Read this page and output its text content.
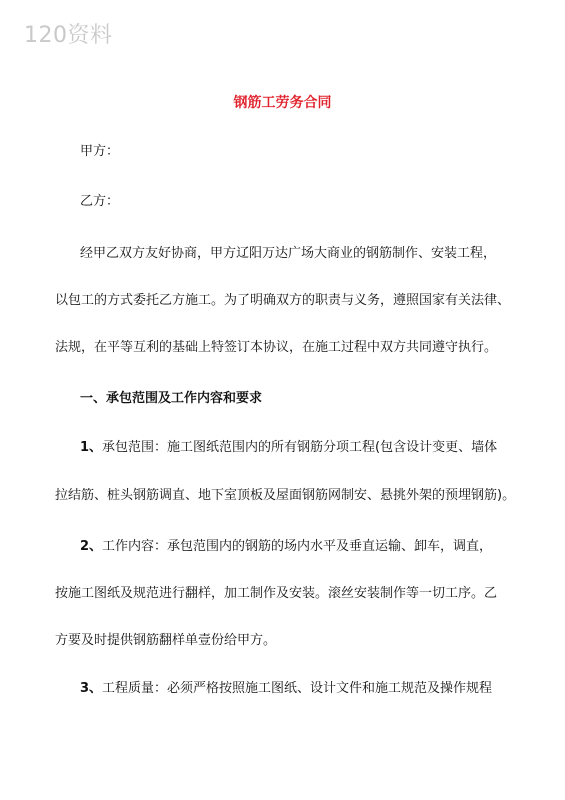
120资料
钢筋工劳务合同
甲方：
乙方：
经甲乙双方友好协商，甲方辽阳万达广场大商业的钢筋制作、安装工程，
以包工的方式委托乙方施工。为了明确双方的职责与义务，遵照国家有关法律、
法规，在平等互利的基础上特签订本协议，在施工过程中双方共同遵守执行。
一、承包范围及工作内容和要求
1、承包范围：施工图纸范围内的所有钢筋分项工程(包含设计变更、墙体
拉结筋、桩头钢筋调直、地下室顶板及屋面钢筋网制安、悬挑外架的预埋钢筋)。
2、工作内容：承包范围内的钢筋的场内水平及垂直运输、卸车，调直，
按施工图纸及规范进行翻样，加工制作及安装。滚丝安装制作等一切工序。乙
方要及时提供钢筋翻样单壹份给甲方。
3、工程质量：必须严格按照施工图纸、设计文件和施工规范及操作规程
